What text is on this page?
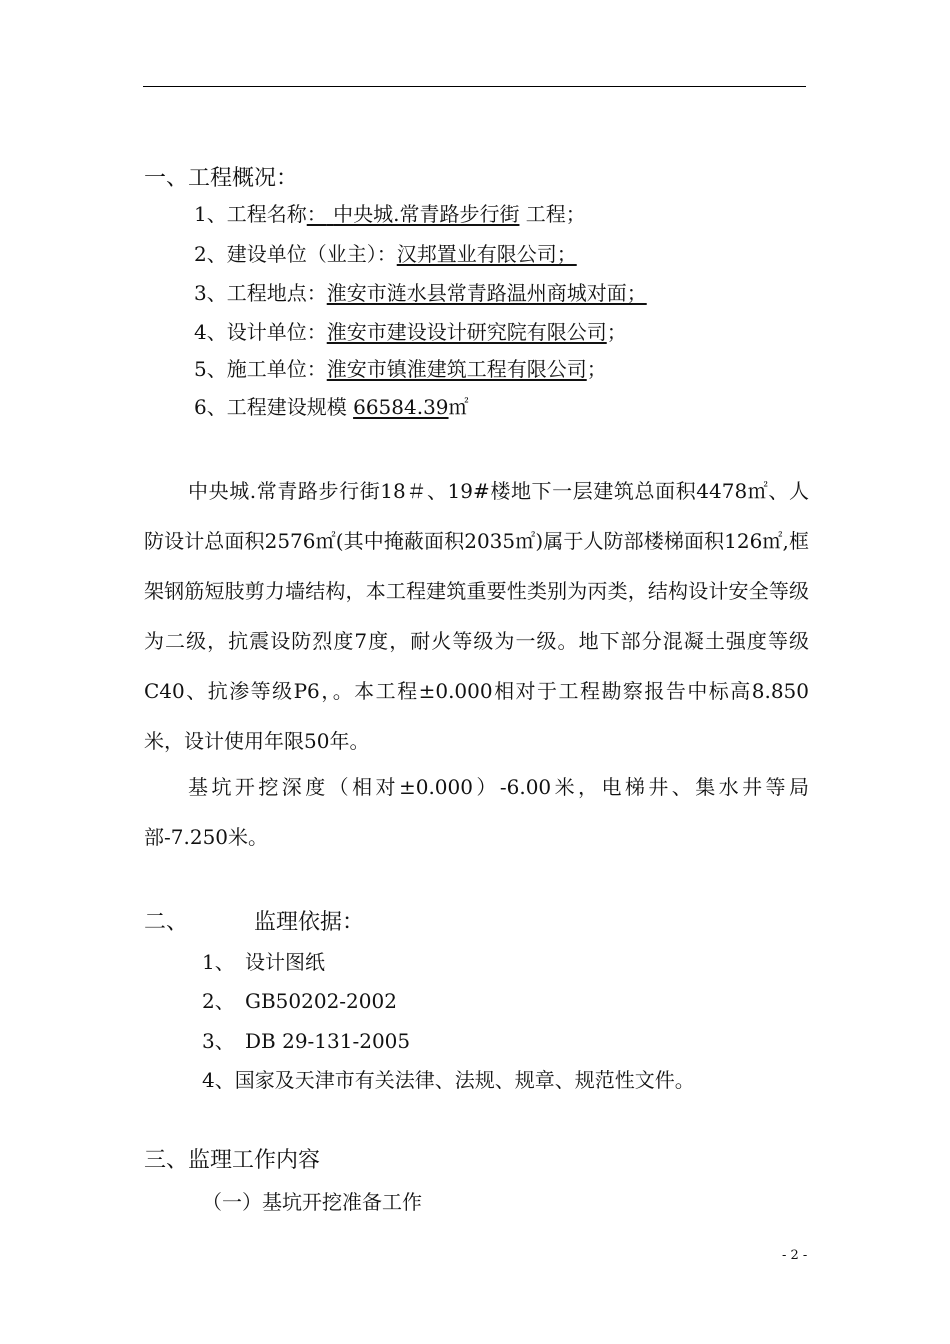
一、工程概况：
1、工程名称： 中央城.常青路步行街 工程；
2、建设单位（业主）：汉邦置业有限公司；
3、工程地点：淮安市涟水县常青路温州商城对面；
4、设计单位：淮安市建设设计研究院有限公司；
5、施工单位：淮安市镇淮建筑工程有限公司；
6、工程建设规模 66584.39㎡
中央城.常青路步行街18＃、19#楼地下一层建筑总面积4478㎡、人防设计总面积2576㎡(其中掩蔽面积2035㎡)属于人防部楼梯面积126㎡,框架钢筋短肢剪力墙结构，本工程建筑重要性类别为丙类，结构设计安全等级为二级，抗震设防烈度7度，耐火等级为一级。地下部分混凝土强度等级C40、抗渗等级P6，。本工程±0.000相对于工程勘察报告中标高8.850米，设计使用年限50年。
基坑开挖深度（相对±0.000）-6.00米，电梯井、集水井等局部-7.250米。
二、	监理依据：
1、 设计图纸
2、 GB50202-2002
3、 DB 29-131-2005
4、国家及天津市有关法律、法规、规章、规范性文件。
三、监理工作内容
（一）基坑开挖准备工作
- 2 -
